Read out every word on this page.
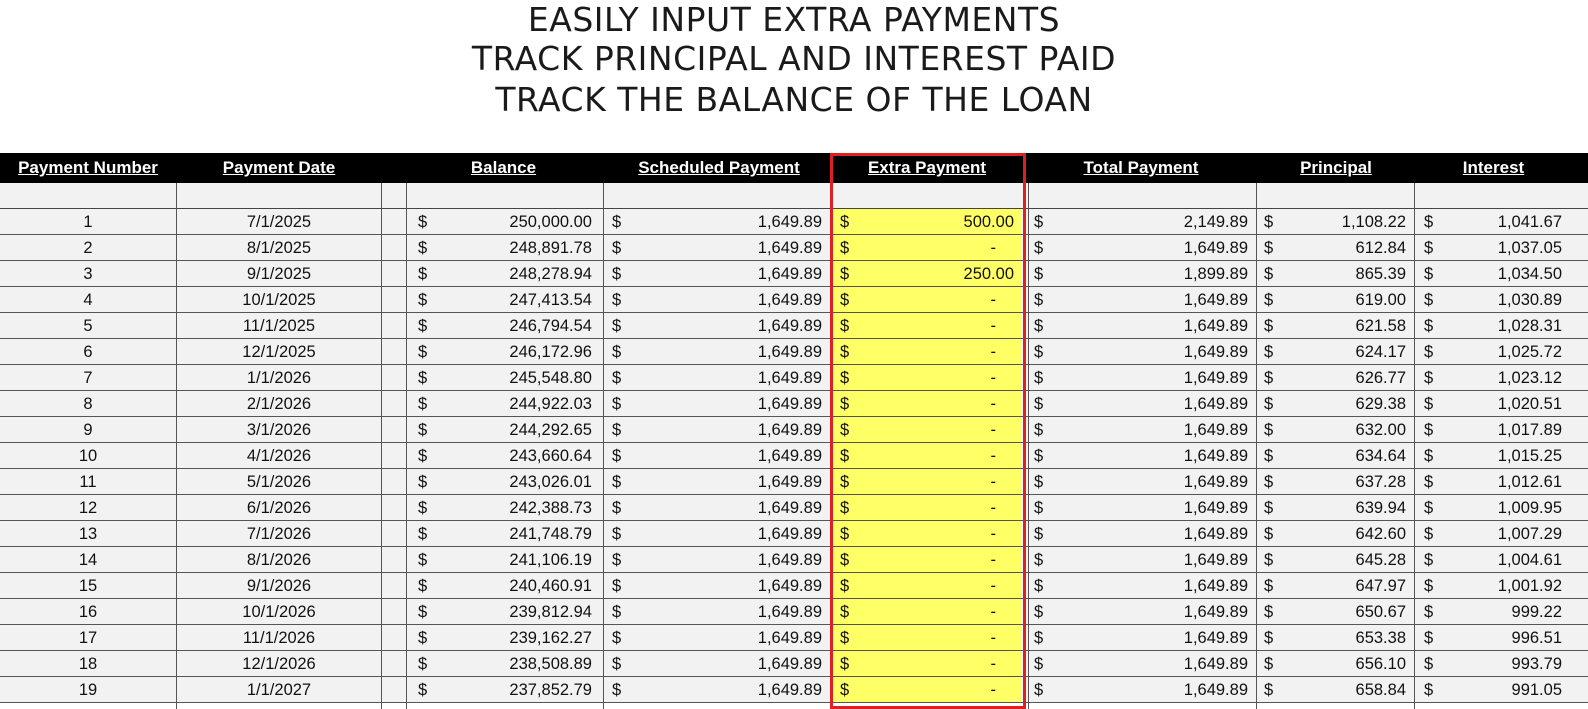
EASILY INPUT EXTRA PAYMENTS
TRACK PRINCIPAL AND INTEREST PAID
TRACK THE BALANCE OF THE LOAN
Payment Number	Payment Date	Balance	Scheduled Payment	Extra Payment	Total Payment	Principal	Interest
1	7/1/2025	$	250,000.00 $	1,649.89 $	500.00 $	2,149.89 $	1,108.22 $	1,041.67
2	8/1/2025	$	248,891.78 $	1,649.89 $	-	$	1,649.89 $	612.84 $	1,037.05
3	9/1/2025	$	248,278.94 $	1,649.89 $	250.00 $	1,899.89 $	865.39 $	1,034.50
4	10/1/2025	$	247,413.54 $	1,649.89 $	-	$	1,649.89 $	619.00 $	1,030.89
5	11/1/2025	$	246,794.54 $	1,649.89 $	-	$	1,649.89 $	621.58 $	1,028.31
6	12/1/2025	$	246,172.96 $	1,649.89 $	-	$	1,649.89 $	624.17 $	1,025.72
7	1/1/2026	$	245,548.80 $	1,649.89 $	-	$	1,649.89 $	626.77 $	1,023.12
8	2/1/2026	$	244,922.03 $	1,649.89 $	-	$	1,649.89 $	629.38 $	1,020.51
9	3/1/2026	$	244,292.65 $	1,649.89 $	-	$	1,649.89 $	632.00 $	1,017.89
10	4/1/2026	$	243,660.64 $	1,649.89 $	-	$	1,649.89 $	634.64 $	1,015.25
11	5/1/2026	$	243,026.01 $	1,649.89 $	-	$	1,649.89 $	637.28 $	1,012.61
12	6/1/2026	$	242,388.73 $	1,649.89 $	-	$	1,649.89 $	639.94 $	1,009.95
13	7/1/2026	$	241,748.79 $	1,649.89 $	-	$	1,649.89 $	642.60 $	1,007.29
14	8/1/2026	$	241,106.19 $	1,649.89 $	-	$	1,649.89 $	645.28 $	1,004.61
15	9/1/2026	$	240,460.91 $	1,649.89 $	-	$	1,649.89 $	647.97 $	1,001.92
16	10/1/2026	$	239,812.94 $	1,649.89 $	-	$	1,649.89 $	650.67 $	999.22
17	11/1/2026	$	239,162.27 $	1,649.89 $	-	$	1,649.89 $	653.38 $	996.51
18	12/1/2026	$	238,508.89 $	1,649.89 $	-	$	1,649.89 $	656.10 $	993.79
19	1/1/2027	$	237,852.79 $	1,649.89 $	-	$	1,649.89 $	658.84 $	991.05
